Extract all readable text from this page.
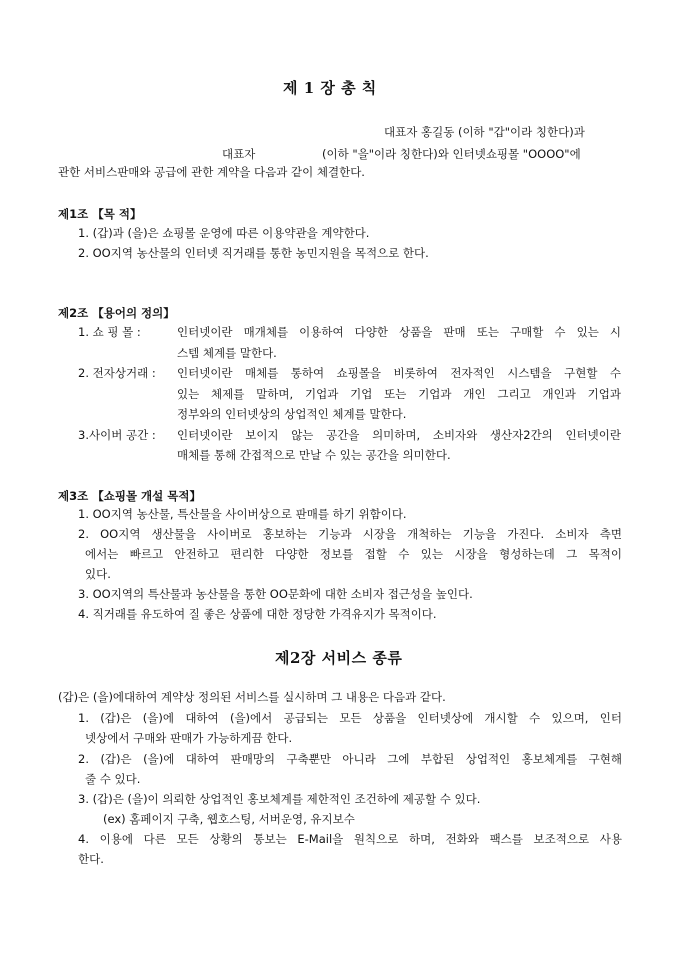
제 1 장 총 칙
대표자 홍길동 (이하 "갑"이라 칭한다)과
대표자	(이하 "을"이라 칭한다)와 인터넷쇼핑몰 "OOOO"에
관한 서비스판매와 공급에 관한 계약을 다음과 같이 체결한다.
제1조 【목 적】
1. (갑)과 (을)은 쇼핑몰 운영에 따른 이용약관을 계약한다.
2. OO지역 농산물의 인터넷 직거래를 통한 농민지원을 목적으로 한다.
제2조 【용어의 정의】
1. 쇼 핑 몰 :	인터넷이란 매개체를 이용하여 다양한 상품을 판매 또는 구매할 수 있는 시
스템 체계를 말한다.
2. 전자상거래 : 인터넷이란 매체를 통하여 쇼핑몰을 비롯하여 전자적인 시스템을 구현할 수
있는 체제를 말하며, 기업과 기업 또는 기업과 개인 그리고 개인과 기업과
정부와의 인터넷상의 상업적인 체계를 말한다.
3.사이버 공간 : 인터넷이란 보이지 않는 공간을 의미하며, 소비자와 생산자2간의 인터넷이란
매체를 통해 간접적으로 만날 수 있는 공간을 의미한다.
제3조 【쇼핑몰 개설 목적】
1. OO지역 농산물, 특산물을 사이버상으로 판매를 하기 위함이다.
2. OO지역 생산물을 사이버로 홍보하는 기능과 시장을 개척하는 기능을 가진다. 소비자 측면
에서는 빠르고 안전하고 편리한 다양한 정보를 접할 수 있는 시장을 형성하는데 그 목적이
있다.
3. OO지역의 특산물과 농산물을 통한 OO문화에 대한 소비자 접근성을 높인다.
4. 직거래를 유도하여 질 좋은 상품에 대한 정당한 가격유지가 목적이다.
제2장 서비스 종류
(갑)은 (을)에대하여 계약상 정의된 서비스를 실시하며 그 내용은 다음과 같다.
1. (갑)은 (을)에 대하여 (을)에서 공급되는 모든 상품을 인터넷상에 개시할 수 있으며, 인터
넷상에서 구매와 판매가 가능하게끔 한다.
2. (갑)은 (을)에 대하여 판매망의 구축뿐만 아니라 그에 부합된 상업적인 홍보체계를 구현해
줄 수 있다.
3. (갑)은 (을)이 의뢰한 상업적인 홍보체계를 제한적인 조건하에 제공할 수 있다.
(ex) 홈페이지 구축, 웹호스팅, 서버운영, 유지보수
4. 이용에 다른 모든 상황의 통보는 E-Mail을 원칙으로 하며, 전화와 팩스를 보조적으로 사용
한다.
